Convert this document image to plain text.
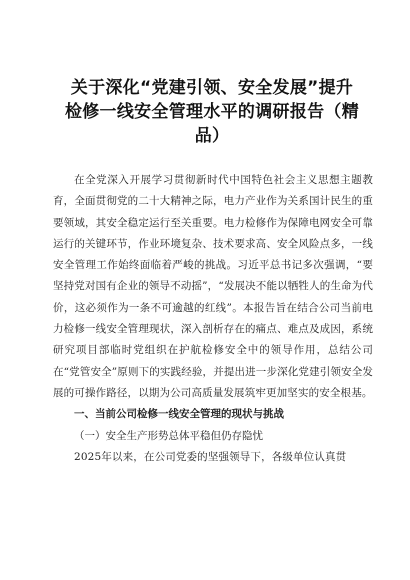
关于深化“党建引领、安全发展”提升
检修一线安全管理水平的调研报告（精
品）

在全党深入开展学习贯彻新时代中国特色社会主义思想主题教育，全面贯彻党的二十大精神之际，电力产业作为关系国计民生的重要领域，其安全稳定运行至关重要。电力检修作为保障电网安全可靠运行的关键环节，作业环境复杂、技术要求高、安全风险点多，一线安全管理工作始终面临着严峻的挑战。习近平总书记多次强调，“要坚持党对国有企业的领导不动摇”，“发展决不能以牺牲人的生命为代价，这必须作为一条不可逾越的红线”。本报告旨在结合公司当前电力检修一线安全管理现状，深入剖析存在的痛点、难点及成因，系统研究项目部临时党组织在护航检修安全中的领导作用，总结公司在“党管安全”原则下的实践经验，并提出进一步深化党建引领安全发展的可操作路径，以期为公司高质量发展筑牢更加坚实的安全根基。

一、当前公司检修一线安全管理的现状与挑战

（一）安全生产形势总体平稳但仍存隐忧

2025年以来，在公司党委的坚强领导下，各级单位认真贯
